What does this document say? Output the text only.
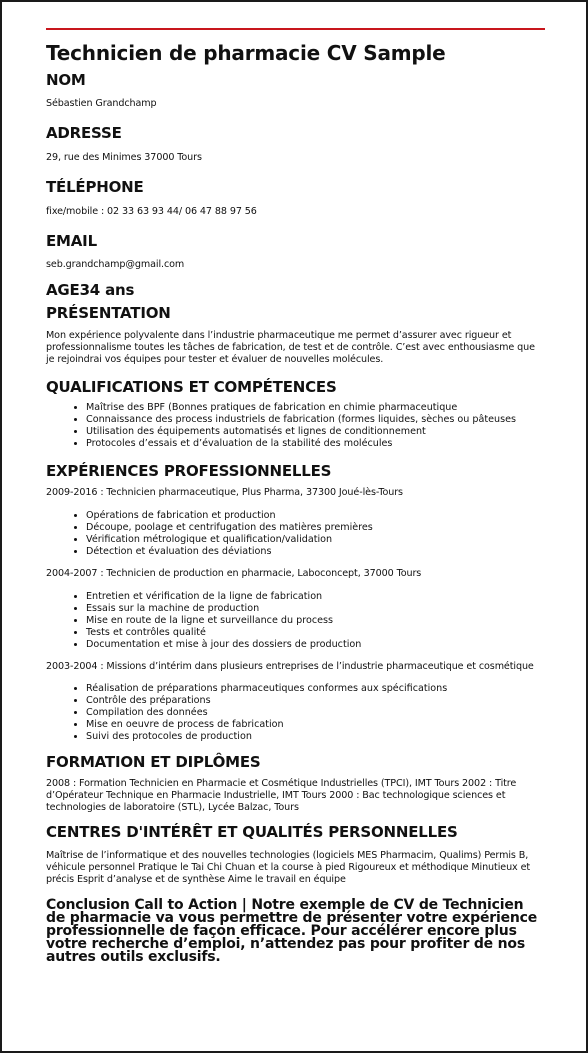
Technicien de pharmacie CV Sample
NOM

Sébastien Grandchamp

ADRESSE

29, rue des Minimes 37000 Tours

TÉLÉPHONE

fixe/mobile : 02 33 63 93 44/ 06 47 88 97 56

EMAIL

seb.grandchamp@gmail.com

AGE34 ans
PRÉSENTATION

Mon expérience polyvalente dans l’industrie pharmaceutique me permet d’assurer avec rigueur et professionnalisme toutes les tâches de fabrication, de test et de contrôle. C’est avec enthousiasme que je rejoindrai vos équipes pour tester et évaluer de nouvelles molécules.

QUALIFICATIONS ET COMPÉTENCES
• Maîtrise des BPF (Bonnes pratiques de fabrication en chimie pharmaceutique
• Connaissance des process industriels de fabrication (formes liquides, sèches ou pâteuses
• Utilisation des équipements automatisés et lignes de conditionnement
• Protocoles d’essais et d’évaluation de la stabilité des molécules
EXPÉRIENCES PROFESSIONNELLES

2009-2016 : Technicien pharmaceutique, Plus Pharma, 37300 Joué-lès-Tours

• Opérations de fabrication et production
• Découpe, poolage et centrifugation des matières premières
• Vérification métrologique et qualification/validation
• Détection et évaluation des déviations

2004-2007 : Technicien de production en pharmacie, Laboconcept, 37000 Tours

• Entretien et vérification de la ligne de fabrication
• Essais sur la machine de production
• Mise en route de la ligne et surveillance du process
• Tests et contrôles qualité
• Documentation et mise à jour des dossiers de production

2003-2004 : Missions d’intérim dans plusieurs entreprises de l’industrie pharmaceutique et cosmétique

• Réalisation de préparations pharmaceutiques conformes aux spécifications
• Contrôle des préparations
• Compilation des données
• Mise en oeuvre de process de fabrication
• Suivi des protocoles de production
FORMATION ET DIPLÔMES

2008 : Formation Technicien en Pharmacie et Cosmétique Industrielles (TPCI), IMT Tours 2002 : Titre d’Opérateur Technique en Pharmacie Industrielle, IMT Tours 2000 : Bac technologique sciences et technologies de laboratoire (STL), Lycée Balzac, Tours

CENTRES D'INTÉRÊT ET QUALITÉS PERSONNELLES

Maîtrise de l’informatique et des nouvelles technologies (logiciels MES Pharmacim, Qualims) Permis B, véhicule personnel Pratique le Tai Chi Chuan et la course à pied Rigoureux et méthodique Minutieux et précis Esprit d’analyse et de synthèse Aime le travail en équipe

Conclusion Call to Action | Notre exemple de CV de Technicien de pharmacie va vous permettre de présenter votre expérience professionnelle de façon efficace. Pour accélérer encore plus votre recherche d’emploi, n’attendez pas pour profiter de nos autres outils exclusifs.
